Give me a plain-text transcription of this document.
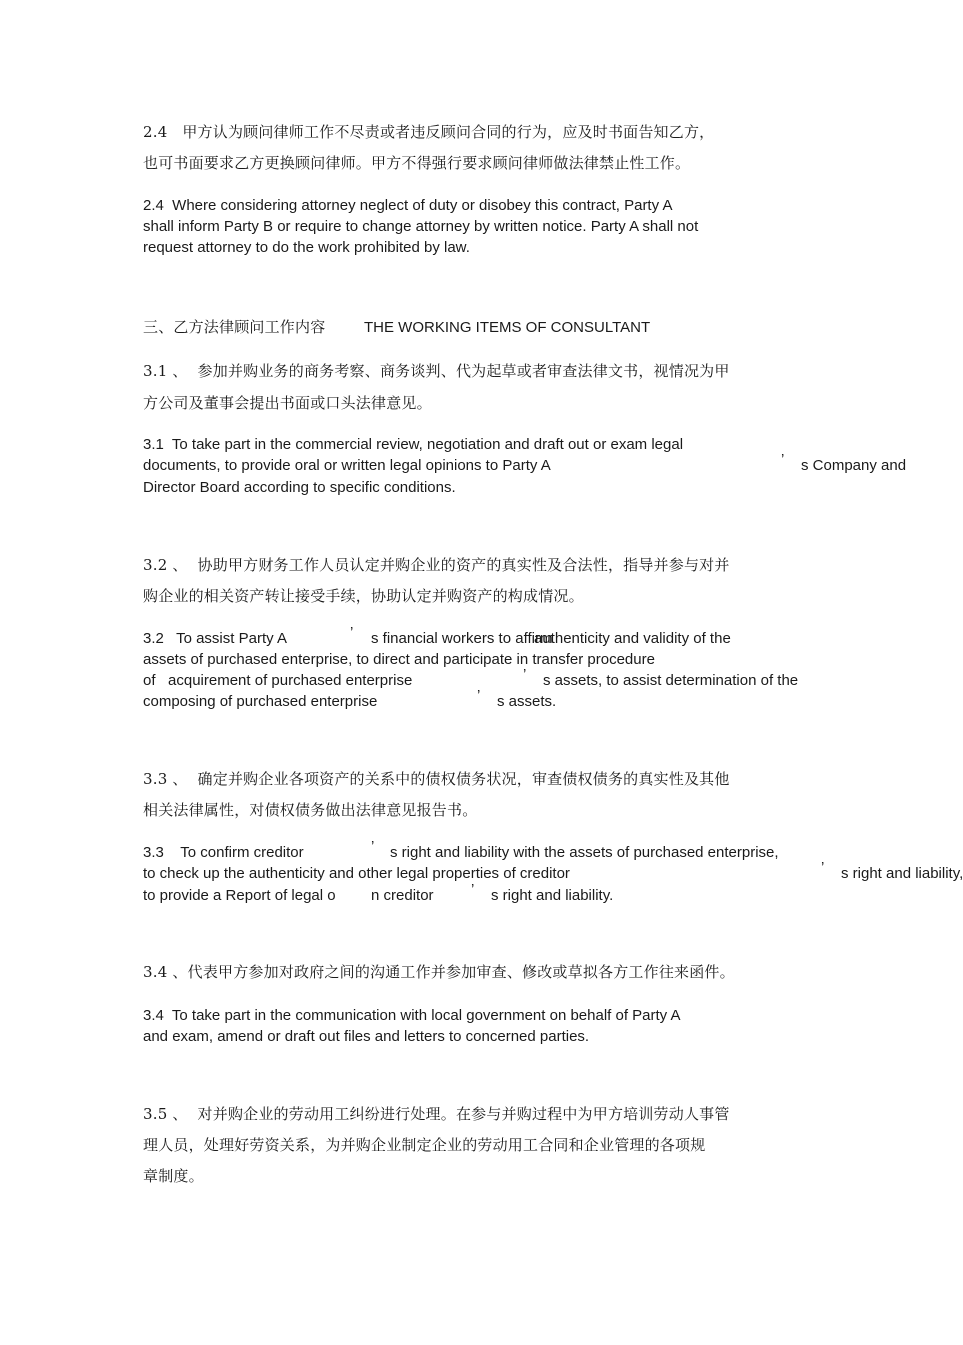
2.4   甲方认为顾问律师工作不尽责或者违反顾问合同的行为，应及时书面告知乙方，
也可书面要求乙方更换顾问律师。甲方不得强行要求顾问律师做法律禁止性工作。
2.4  Where considering attorney neglect of duty or disobey this contract, Party A
shall inform Party B or require to change attorney by written notice. Party A shall not
request attorney to do the work prohibited by law.
三、乙方法律顾问工作内容	THE WORKING ITEMS OF CONSULTANT
3.1 、  参加并购业务的商务考察、商务谈判、代为起草或者审查法律文书，视情况为甲
方公司及董事会提出书面或口头法律意见。
3.1  To take part in the commercial review, negotiation and draft out or exam legal
documents, to provide oral or written legal opinions to Party A	’ s Company and
Director Board according to specific conditions.
3.2 、  协助甲方财务工作人员认定并购企业的资产的真实性及合法性，指导并参与对并
购企业的相关资产转让接受手续，协助认定并购资产的构成情况。
3.2   To assist Party A	’ s financial workers to affirm
authenticity and validity of the
assets of purchased enterprise, to direct and participate in transfer procedure
of   acquirement of purchased enterprise	’ s assets, to assist determination of the
composing of purchased enterprise	’ s assets.
3.3 、  确定并购企业各项资产的关系中的债权债务状况，审查债权债务的真实性及其他
相关法律属性，对债权债务做出法律意见报告书。
3.3    To confirm creditor	’ s right and liability with the assets of purchased enterprise,
to check up the authenticity and other legal properties of creditor	’ s right and liability,
to provide a Report of legal o n creditor ’ s right and liability.
3.4 、代表甲方参加对政府之间的沟通工作并参加审查、修改或草拟各方工作往来函件。
3.4  To take part in the communication with local government on behalf of Party A
and exam, amend or draft out files and letters to concerned parties.
3.5 、  对并购企业的劳动用工纠纷进行处理。在参与并购过程中为甲方培训劳动人事管
理人员，处理好劳资关系，为并购企业制定企业的劳动用工合同和企业管理的各项规
章制度。
